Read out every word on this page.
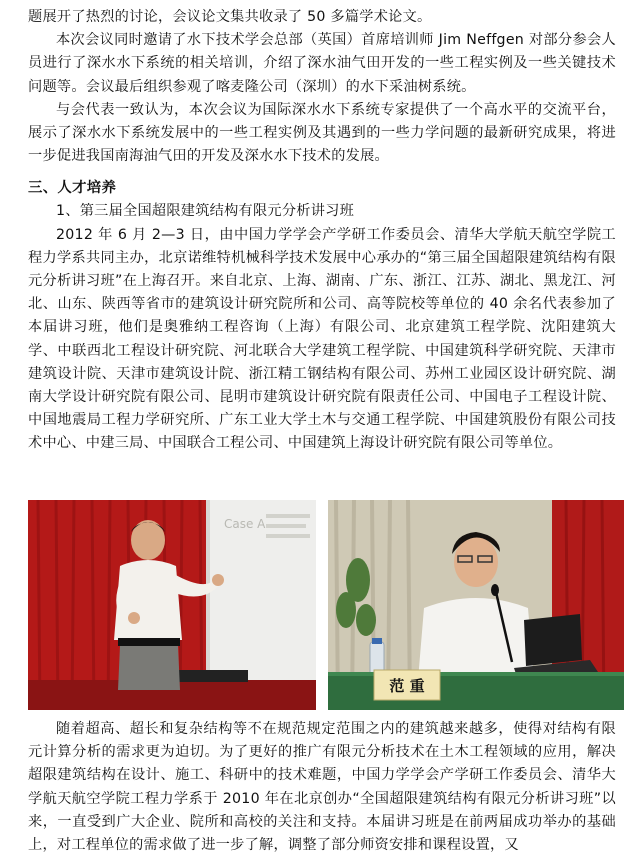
题展开了热烈的讨论，会议论文集共收录了 50 多篇学术论文。

本次会议同时邀请了水下技术学会总部（英国）首席培训师 Jim Neffgen 对部分参会人员进行了深水水下系统的相关培训，介绍了深水油气田开发的一些工程实例及一些关键技术问题等。会议最后组织参观了喀麦隆公司（深圳）的水下采油树系统。

与会代表一致认为，本次会议为国际深水水下系统专家提供了一个高水平的交流平台，展示了深水水下系统发展中的一些工程实例及其遇到的一些力学问题的最新研究成果，将进一步促进我国南海油气田的开发及深水水下技术的发展。

三、人才培养

1、第三届全国超限建筑结构有限元分析讲习班

2012 年 6 月 2—3 日，由中国力学学会产学研工作委员会、清华大学航天航空学院工程力学系共同主办，北京诺维特机械科学技术发展中心承办的“第三届全国超限建筑结构有限元分析讲习班”在上海召开。来自北京、上海、湖南、广东、浙江、江苏、湖北、黑龙江、河北、山东、陕西等省市的建筑设计研究院所和公司、高等院校等单位的 40 余名代表参加了本届讲习班，他们是奥雅纳工程咨询（上海）有限公司、北京建筑工程学院、沈阳建筑大学、中联西北工程设计研究院、河北联合大学建筑工程学院、中国建筑科学研究院、天津市建筑设计院、天津市建筑设计院、浙江精工钢结构有限公司、苏州工业园区设计研究院、湖南大学设计研究院有限公司、昆明市建筑设计研究院有限责任公司、中国电子工程设计院、中国地震局工程力学研究所、广东工业大学土木与交通工程学院、中国建筑股份有限公司技术中心、中建三局、中国联合工程公司、中国建筑上海设计研究院有限公司等单位。

Case A
范 重

随着超高、超长和复杂结构等不在规范规定范围之内的建筑越来越多，使得对结构有限元计算分析的需求更为迫切。为了更好的推广有限元分析技术在土木工程领域的应用，解决超限建筑结构在设计、施工、科研中的技术难题，中国力学学会产学研工作委员会、清华大学航天航空学院工程力学系于 2010 年在北京创办“全国超限建筑结构有限元分析讲习班”以来，一直受到广大企业、院所和高校的关注和支持。本届讲习班是在前两届成功举办的基础上，对工程单位的需求做了进一步了解，调整了部分师资安排和课程设置，又
